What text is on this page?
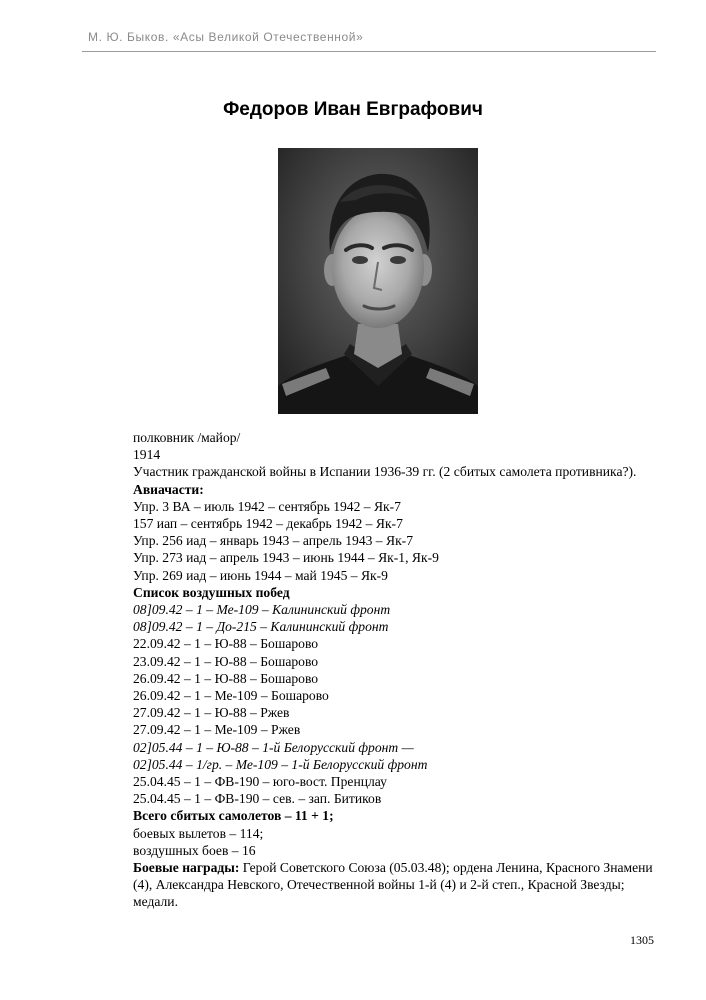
М. Ю. Быков. «Асы Великой Отечественной»
Федоров Иван Евграфович
полковник /майор/
1914
Участник гражданской войны в Испании 1936-39 гг. (2 сбитых самолета противника?).
Авиачасти:
Упр. 3 ВА – июль 1942 – сентябрь 1942 – Як-7
157 иап – сентябрь 1942 – декабрь 1942 – Як-7
Упр. 256 иад – январь 1943 – апрель 1943 – Як-7
Упр. 273 иад – апрель 1943 – июнь 1944 – Як-1, Як-9
Упр. 269 иад – июнь 1944 – май 1945 – Як-9
Список воздушных побед
08]09.42 – 1 – Ме-109 – Калининский фронт
08]09.42 – 1 – До-215 – Калининский фронт
22.09.42 – 1 – Ю-88 – Бошарово
23.09.42 – 1 – Ю-88 – Бошарово
26.09.42 – 1 – Ю-88 – Бошарово
26.09.42 – 1 – Ме-109 – Бошарово
27.09.42 – 1 – Ю-88 – Ржев
27.09.42 – 1 – Ме-109 – Ржев
02]05.44 – 1 – Ю-88 – 1-й Белорусский фронт —
02]05.44 – 1/гр. – Ме-109 – 1-й Белорусский фронт
25.04.45 – 1 – ФВ-190 – юго-вост. Пренцлау
25.04.45 – 1 – ФВ-190 – сев. – зап. Битиков
Всего сбитых самолетов – 11 + 1;
боевых вылетов – 114;
воздушных боев – 16
Боевые награды: Герой Советского Союза (05.03.48); ордена Ленина, Красного Знамени (4), Александра Невского, Отечественной войны 1-й (4) и 2-й степ., Красной Звезды; медали.
1305
